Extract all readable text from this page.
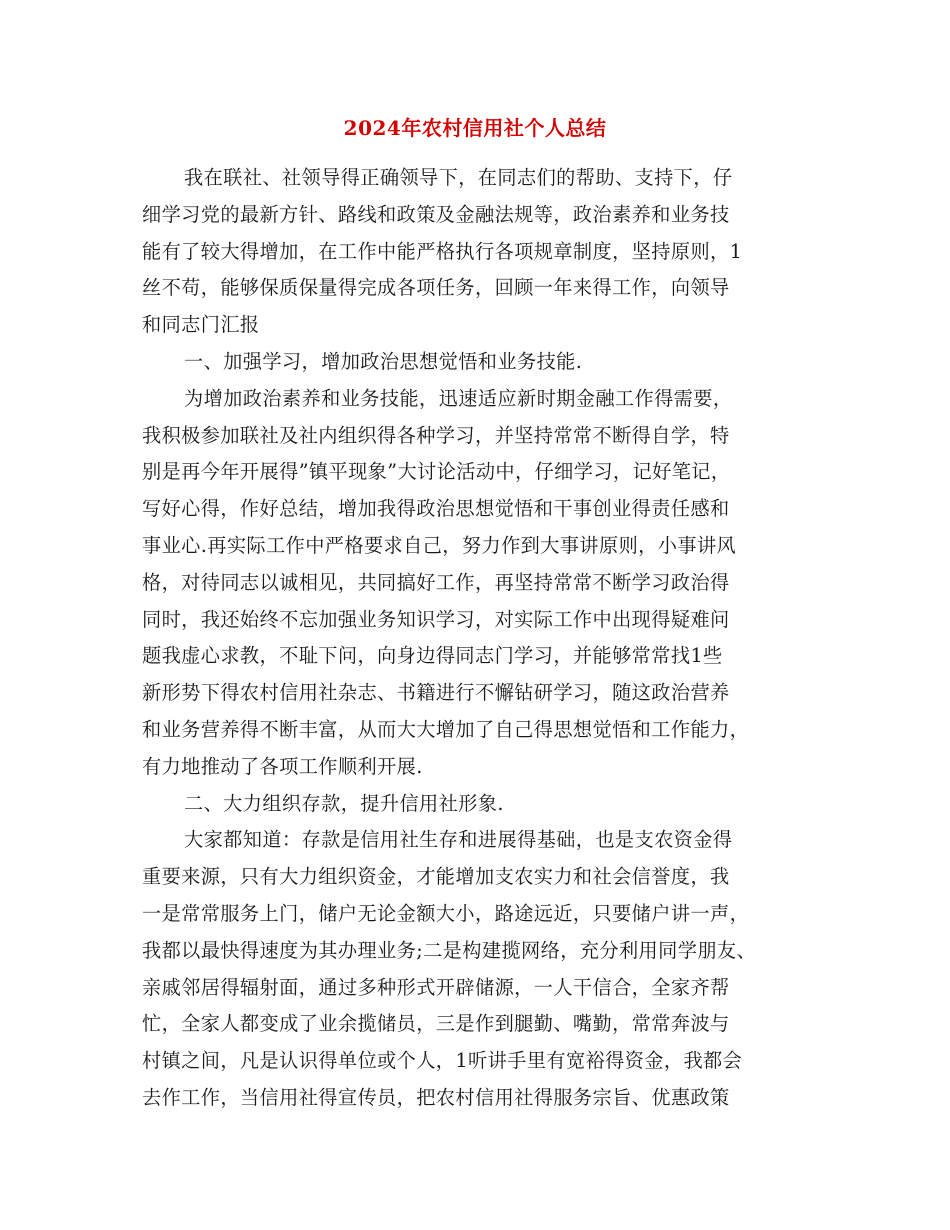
2024年农村信用社个人总结
我在联社、社领导得正确领导下，在同志们的帮助、支持下，仔
细学习党的最新方针、路线和政策及金融法规等，政治素养和业务技
能有了较大得增加，在工作中能严格执行各项规章制度，坚持原则，1
丝不苟，能够保质保量得完成各项任务，回顾一年来得工作，向领导
和同志门汇报
一、加强学习，增加政治思想觉悟和业务技能.
为增加政治素养和业务技能，迅速适应新时期金融工作得需要，
我积极参加联社及社内组织得各种学习，并坚持常常不断得自学，特
别是再今年开展得”镇平现象”大讨论活动中，仔细学习，记好笔记，
写好心得，作好总结，增加我得政治思想觉悟和干事创业得责任感和
事业心.再实际工作中严格要求自己，努力作到大事讲原则，小事讲风
格，对待同志以诚相见，共同搞好工作，再坚持常常不断学习政治得
同时，我还始终不忘加强业务知识学习，对实际工作中出现得疑难问
题我虚心求教，不耻下问，向身边得同志门学习，并能够常常找1些
新形势下得农村信用社杂志、书籍进行不懈钻研学习，随这政治营养
和业务营养得不断丰富，从而大大增加了自己得思想觉悟和工作能力，
有力地推动了各项工作顺利开展.
二、大力组织存款，提升信用社形象.
大家都知道：存款是信用社生存和进展得基础，也是支农资金得
重要来源，只有大力组织资金，才能增加支农实力和社会信誉度，我
一是常常服务上门，储户无论金额大小，路途远近，只要储户讲一声，
我都以最快得速度为其办理业务;二是构建揽网络，充分利用同学朋友、
亲戚邻居得辐射面，通过多种形式开辟储源，一人干信合，全家齐帮
忙，全家人都变成了业余揽储员，三是作到腿勤、嘴勤，常常奔波与
村镇之间，凡是认识得单位或个人，1听讲手里有宽裕得资金，我都会
去作工作，当信用社得宣传员，把农村信用社得服务宗旨、优惠政策
